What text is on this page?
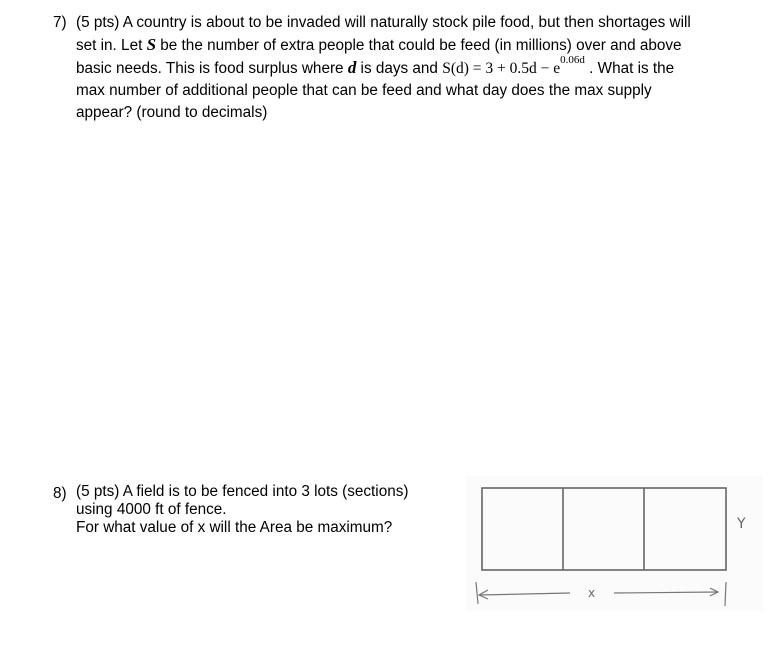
7) (5 pts) A country is about to be invaded will naturally stock pile food, but then shortages will
set in. Let S be the number of extra people that could be feed (in millions) over and above
basic needs. This is food surplus where d is days and $S(d) = 3 + 0.5d - e^{0.06d}$ . What is the
max number of additional people that can be feed and what day does the max supply
appear? (round to decimals)
8) (5 pts) A field is to be fenced into 3 lots (sections)
using 4000 ft of fence.
For what value of x will the Area be maximum?
x
Y
